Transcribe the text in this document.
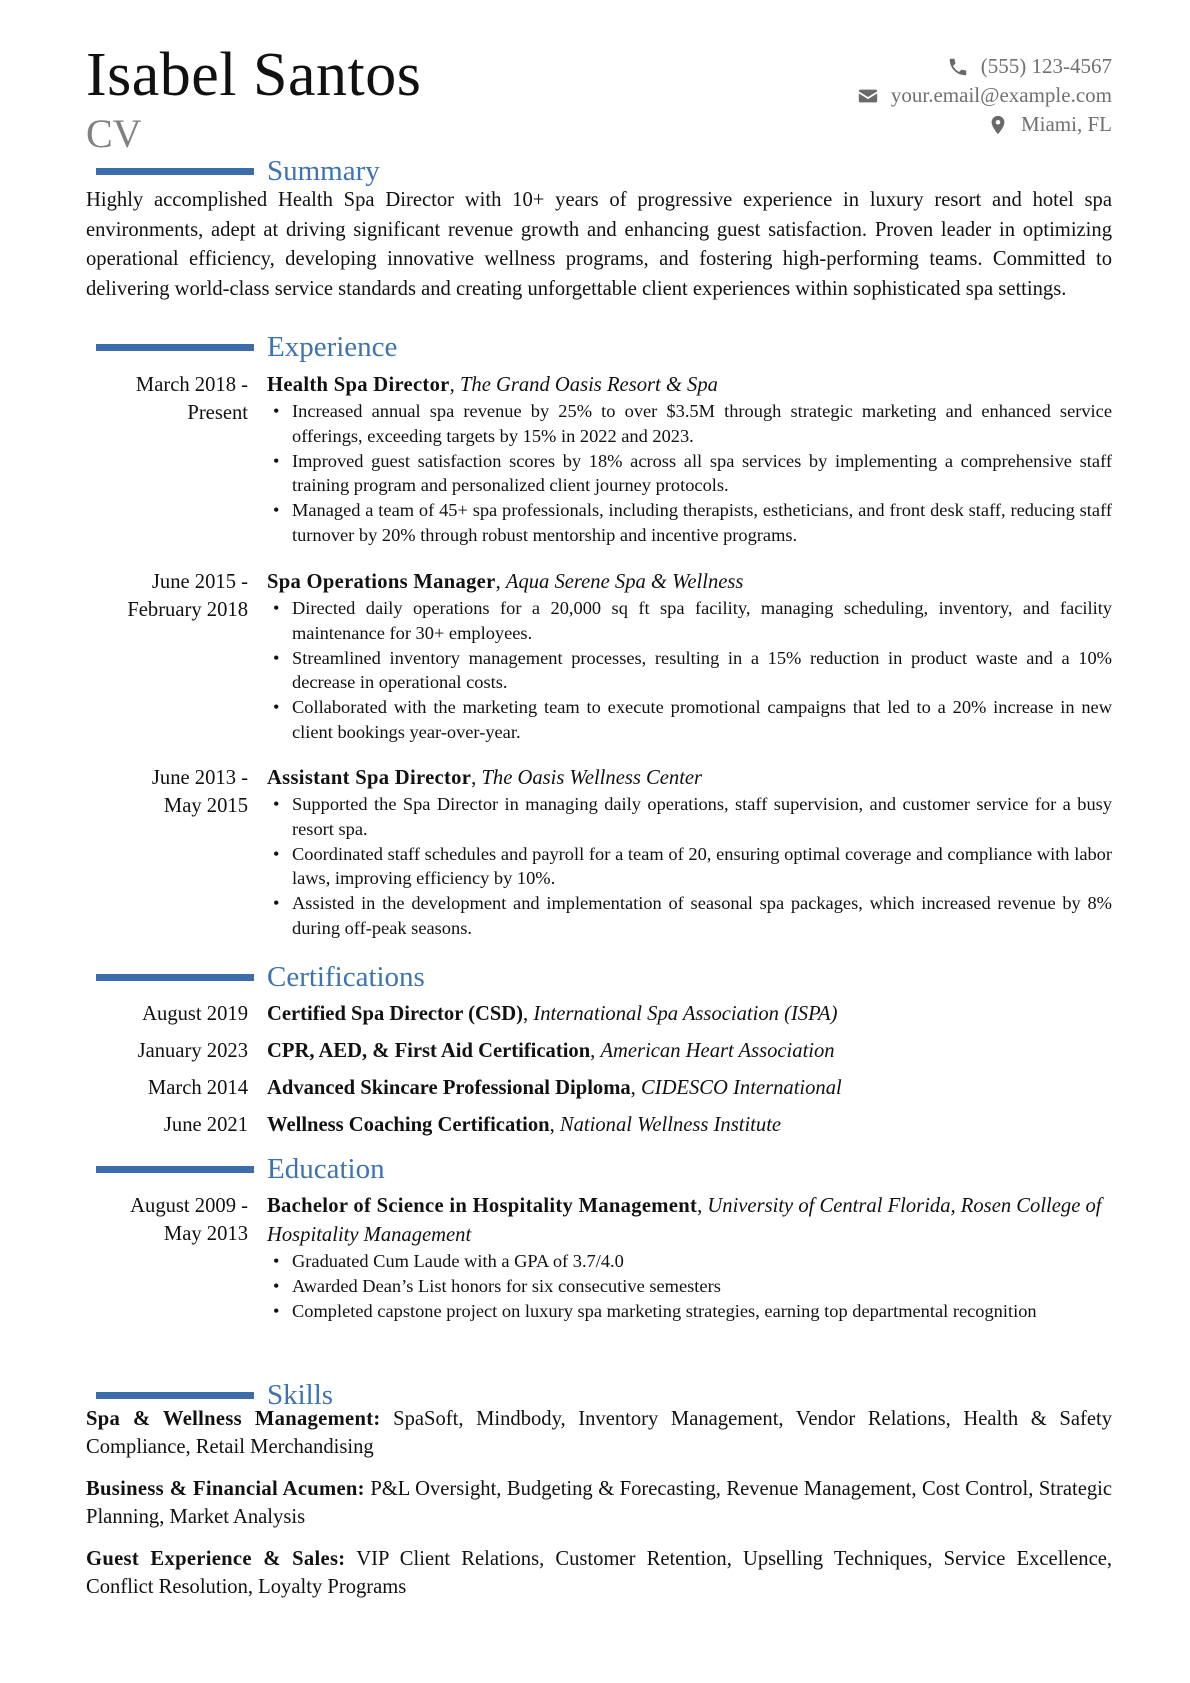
Isabel Santos
CV
(555) 123-4567
your.email@example.com
Miami, FL
Summary
Highly accomplished Health Spa Director with 10+ years of progressive experience in luxury resort and hotel spa environments, adept at driving significant revenue growth and enhancing guest satisfaction. Proven leader in optimizing operational efficiency, developing innovative wellness programs, and fostering high-performing teams. Committed to delivering world-class service standards and creating unforgettable client experiences within sophisticated spa settings.
Experience
March 2018 -
Present
Health Spa Director, The Grand Oasis Resort & Spa
• Increased annual spa revenue by 25% to over $3.5M through strategic marketing and enhanced service offerings, exceeding targets by 15% in 2022 and 2023.
• Improved guest satisfaction scores by 18% across all spa services by implementing a comprehensive staff training program and personalized client journey protocols.
• Managed a team of 45+ spa professionals, including therapists, estheticians, and front desk staff, reducing staff turnover by 20% through robust mentorship and incentive programs.
June 2015 -
February 2018
Spa Operations Manager, Aqua Serene Spa & Wellness
• Directed daily operations for a 20,000 sq ft spa facility, managing scheduling, inventory, and facility maintenance for 30+ employees.
• Streamlined inventory management processes, resulting in a 15% reduction in product waste and a 10% decrease in operational costs.
• Collaborated with the marketing team to execute promotional campaigns that led to a 20% increase in new client bookings year-over-year.
June 2013 -
May 2015
Assistant Spa Director, The Oasis Wellness Center
• Supported the Spa Director in managing daily operations, staff supervision, and customer service for a busy resort spa.
• Coordinated staff schedules and payroll for a team of 20, ensuring optimal coverage and compliance with labor laws, improving efficiency by 10%.
• Assisted in the development and implementation of seasonal spa packages, which increased revenue by 8% during off-peak seasons.
Certifications
August 2019 Certified Spa Director (CSD), International Spa Association (ISPA)
January 2023 CPR, AED, & First Aid Certification, American Heart Association
March 2014 Advanced Skincare Professional Diploma, CIDESCO International
June 2021 Wellness Coaching Certification, National Wellness Institute
Education
August 2009 -
May 2013
Bachelor of Science in Hospitality Management, University of Central Florida, Rosen College of Hospitality Management
• Graduated Cum Laude with a GPA of 3.7/4.0
• Awarded Dean’s List honors for six consecutive semesters
• Completed capstone project on luxury spa marketing strategies, earning top departmental recognition
Skills
Spa & Wellness Management: SpaSoft, Mindbody, Inventory Management, Vendor Relations, Health & Safety Compliance, Retail Merchandising
Business & Financial Acumen: P&L Oversight, Budgeting & Forecasting, Revenue Management, Cost Control, Strategic Planning, Market Analysis
Guest Experience & Sales: VIP Client Relations, Customer Retention, Upselling Techniques, Service Excellence, Conflict Resolution, Loyalty Programs
